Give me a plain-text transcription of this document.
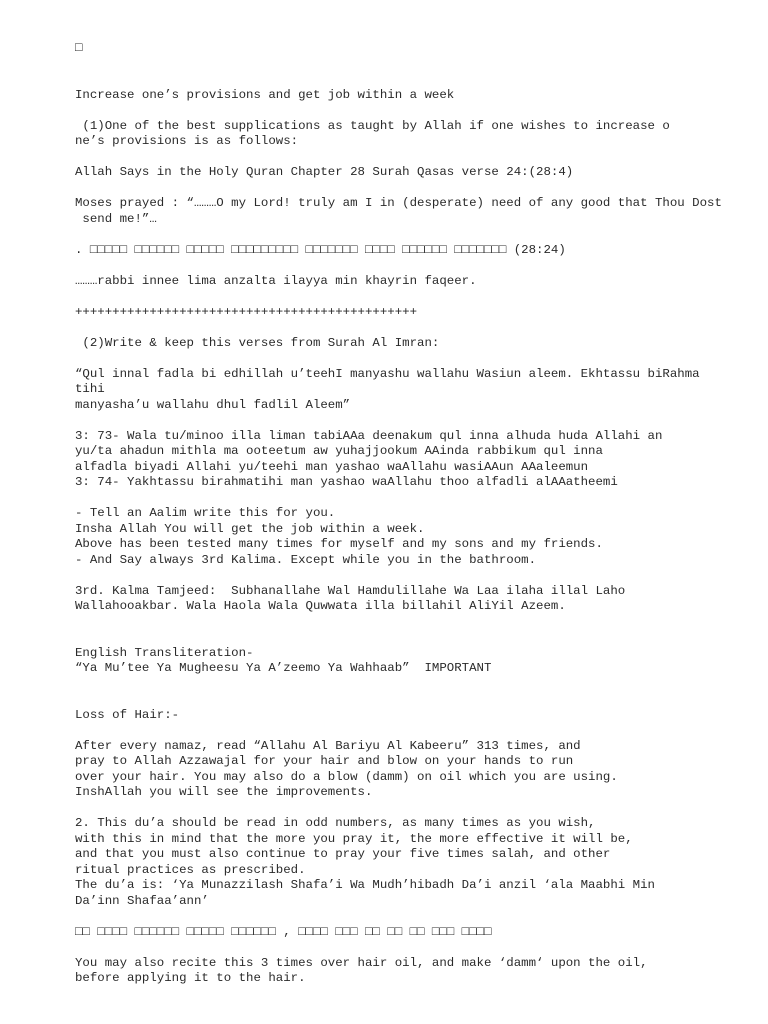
□

Increase one’s provisions and get job within a week
(1)One of the best supplications as taught by Allah if one wishes to increase o
ne’s provisions is as follows:
Allah Says in the Holy Quran Chapter 28 Surah Qasas verse 24:(28:4)
Moses prayed : “………O my Lord! truly am I in (desperate) need of any good that Thou Dost
send me!”…
. □□□□□ □□□□□□ □□□□□ □□□□□□□□□ □□□□□□□ □□□□ □□□□□□ □□□□□□□ (28:24)
………rabbi innee lima anzalta ilayya min khayrin faqeer.
++++++++++++++++++++++++++++++++++++++++++++++
(2)Write & keep this verses from Surah Al Imran:
“Qul innal fadla bi edhillah u’teehI manyashu wallahu Wasiun aleem. Ekhtassu biRahma
tihi
manyasha’u wallahu dhul fadlil Aleem”
3: 73- Wala tu/minoo illa liman tabiAAa deenakum qul inna alhuda huda Allahi an
yu/ta ahadun mithla ma ooteetum aw yuhajjookum AAinda rabbikum qul inna
alfadla biyadi Allahi yu/teehi man yashao waAllahu wasiAAun AAaleemun
3: 74- Yakhtassu birahmatihi man yashao waAllahu thoo alfadli alAAatheemi
- Tell an Aalim write this for you.
Insha Allah You will get the job within a week.
Above has been tested many times for myself and my sons and my friends.
- And Say always 3rd Kalima. Except while you in the bathroom.
3rd. Kalma Tamjeed:  Subhanallahe Wal Hamdulillahe Wa Laa ilaha illal Laho
Wallahooakbar. Wala Haola Wala Quwwata illa billahil AliYil Azeem.
English Transliteration-
“Ya Mu’tee Ya Mugheesu Ya A’zeemo Ya Wahhaab”  IMPORTANT
Loss of Hair:-
After every namaz, read “Allahu Al Bariyu Al Kabeeru” 313 times, and
pray to Allah Azzawajal for your hair and blow on your hands to run
over your hair. You may also do a blow (damm) on oil which you are using.
InshAllah you will see the improvements.
2. This du’a should be read in odd numbers, as many times as you wish,
with this in mind that the more you pray it, the more effective it will be,
and that you must also continue to pray your five times salah, and other
ritual practices as prescribed.
The du’a is: ‘Ya Munazzilash Shafa’i Wa Mudh’hibadh Da’i anzil ‘ala Maabhi Min
Da’inn Shafaa’ann’
□□ □□□□ □□□□□□ □□□□□ □□□□□□ , □□□□ □□□ □□ □□ □□ □□□ □□□□
You may also recite this 3 times over hair oil, and make ‘damm‘ upon the oil,
before applying it to the hair.
